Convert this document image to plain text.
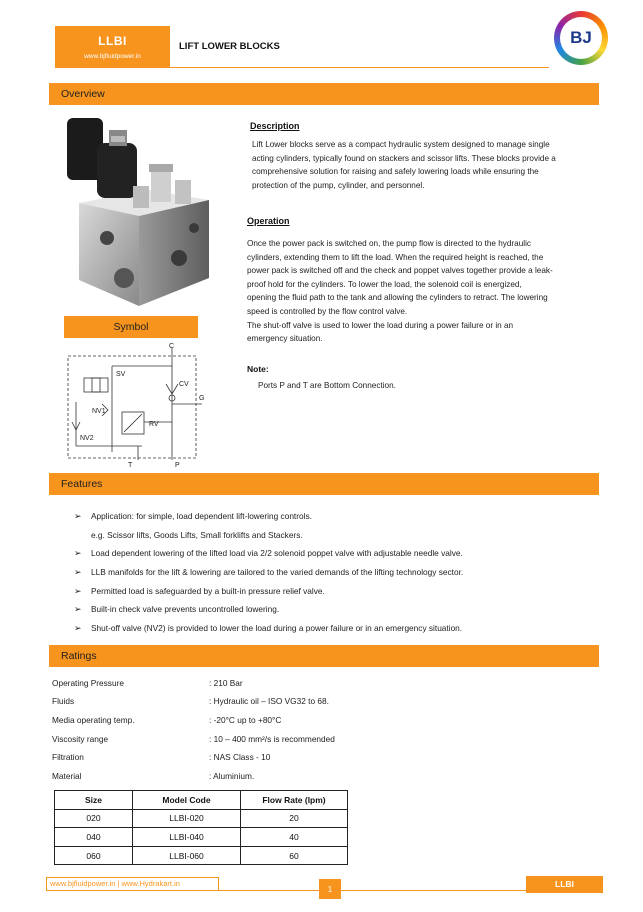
LLBI
www.bjfluidpower.in
LIFT LOWER BLOCKS	BJ
Overview
Description
Lift Lower blocks serve as a compact hydraulic system designed to manage single
acting cylinders, typically found on stackers and scissor lifts. These blocks provide a
comprehensive solution for raising and safely lowering loads while ensuring the
protection of the pump, cylinder, and personnel.
Operation
Once the power pack is switched on, the pump flow is directed to the hydraulic
cylinders, extending them to lift the load. When the required height is reached, the
power pack is switched off and the check and poppet valves together provide a leak-
proof hold for the cylinders. To lower the load, the solenoid coil is energized,
opening the fluid path to the tank and allowing the cylinders to retract. The lowering
speed is controlled by the flow control valve.
The shut-off valve is used to lower the load during a power failure or in an
emergency situation.
Note:
Ports P and T are Bottom Connection.
Symbol
C
SV
CV
G
NV1
RV
NV2
T	P
Features
➢ Application: for simple, load dependent lift-lowering controls.
e.g. Scissor lifts, Goods Lifts, Small forklifts and Stackers.
➢ Load dependent lowering of the lifted load via 2/2 solenoid poppet valve with adjustable needle valve.
➢ LLB manifolds for the lift & lowering are tailored to the varied demands of the lifting technology sector.
➢ Permitted load is safeguarded by a built-in pressure relief valve.
➢ Built-in check valve prevents uncontrolled lowering.
➢ Shut-off valve (NV2) is provided to lower the load during a power failure or in an emergency situation.
Ratings
Operating Pressure	: 210 Bar
Fluids	: Hydraulic oil – ISO VG32 to 68.
Media operating temp.	: -20°C up to +80°C
Viscosity range	: 10 – 400 mm²/s is recommended
Filtration	: NAS Class - 10
Material	: Aluminium.
Size	Model Code	Flow Rate (lpm)
020	LLBI-020	20
040	LLBI-040	40
060	LLBI-060	60
www.bjfluidpower.in | www.Hydrakart.in
1
LLBI
